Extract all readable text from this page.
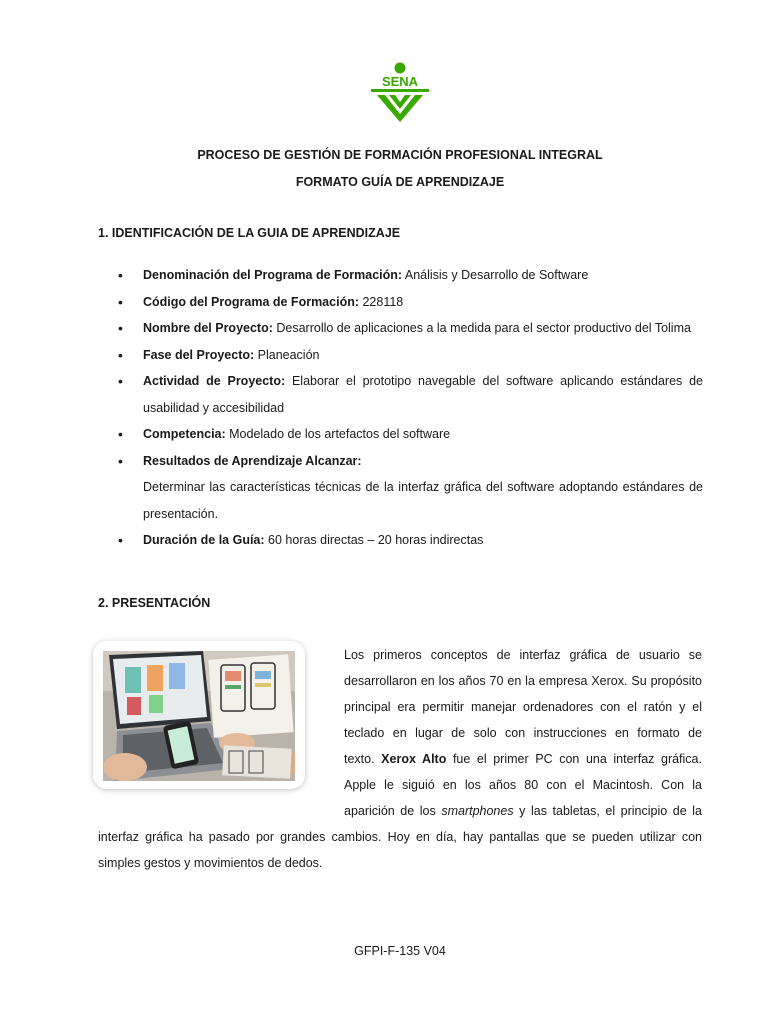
SENA
PROCESO DE GESTIÓN DE FORMACIÓN PROFESIONAL INTEGRAL
FORMATO GUÍA DE APRENDIZAJE
1. IDENTIFICACIÓN DE LA GUIA DE APRENDIZAJE
• Denominación del Programa de Formación: Análisis y Desarrollo de Software
• Código del Programa de Formación: 228118
• Nombre del Proyecto: Desarrollo de aplicaciones a la medida para el sector productivo del Tolima
• Fase del Proyecto: Planeación
• Actividad de Proyecto: Elaborar el prototipo navegable del software aplicando estándares de usabilidad y accesibilidad
• Competencia: Modelado de los artefactos del software
• Resultados de Aprendizaje Alcanzar:

Determinar las características técnicas de la interfaz gráfica del software adoptando estándares de presentación.
• Duración de la Guía: 60 horas directas – 20 horas indirectas
2. PRESENTACIÓN
Los primeros conceptos de interfaz gráfica de usuario se
desarrollaron en los años 70 en la empresa Xerox. Su propósito
principal era permitir manejar ordenadores con el ratón y el
teclado en lugar de solo con instrucciones en formato de
texto. Xerox Alto fue el primer PC con una interfaz gráfica.
Apple le siguió en los años 80 con el Macintosh. Con la
aparición de los smartphones y las tabletas, el principio de la
interfaz gráfica ha pasado por grandes cambios. Hoy en día, hay pantallas que se pueden utilizar con
simples gestos y movimientos de dedos.
GFPI-F-135 V04
